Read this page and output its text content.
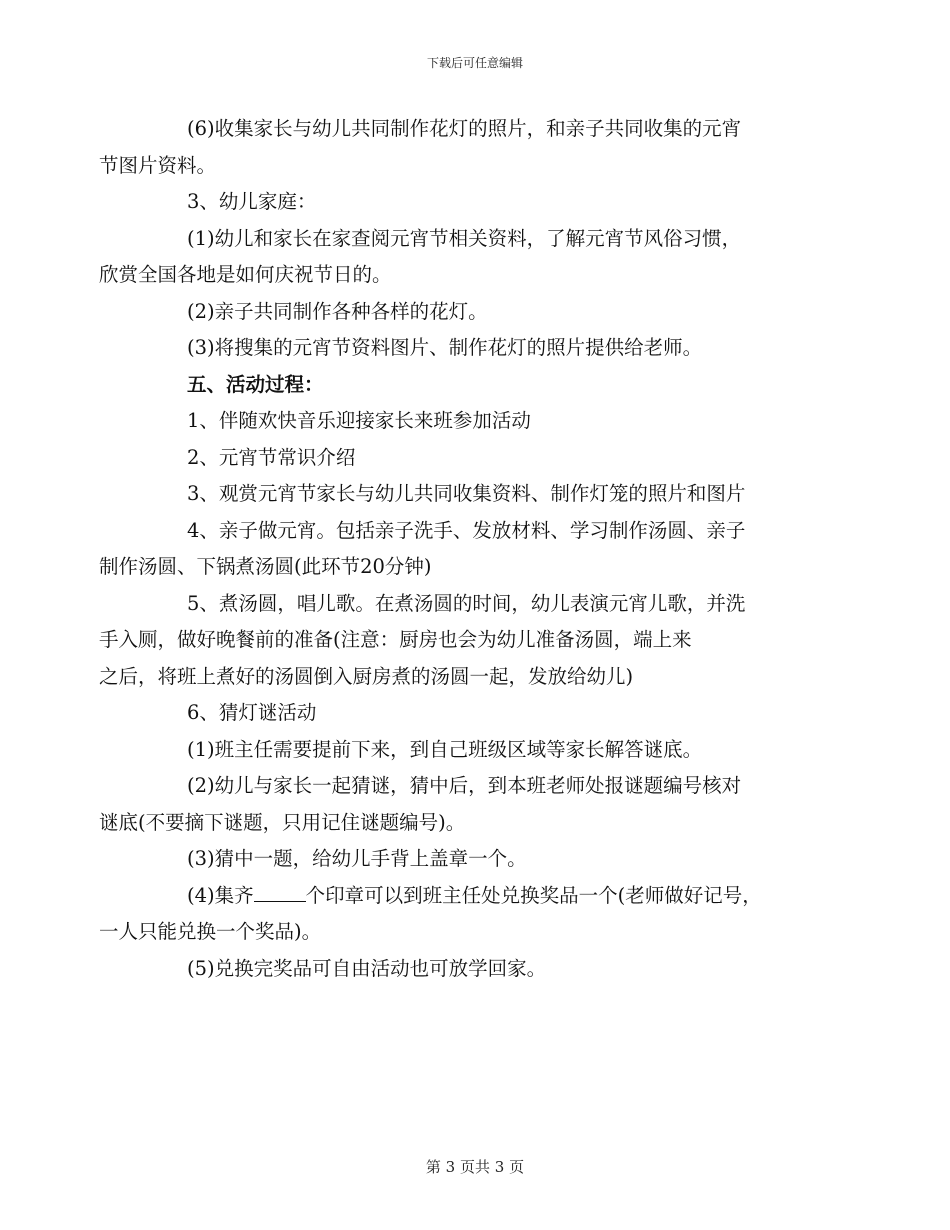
下载后可任意编辑
(6)收集家长与幼儿共同制作花灯的照片，和亲子共同收集的元宵
节图片资料。
3、幼儿家庭：
(1)幼儿和家长在家查阅元宵节相关资料，了解元宵节风俗习惯，
欣赏全国各地是如何庆祝节日的。
(2)亲子共同制作各种各样的花灯。
(3)将搜集的元宵节资料图片、制作花灯的照片提供给老师。
五、活动过程：
1、伴随欢快音乐迎接家长来班参加活动
2、元宵节常识介绍
3、观赏元宵节家长与幼儿共同收集资料、制作灯笼的照片和图片
4、亲子做元宵。包括亲子洗手、发放材料、学习制作汤圆、亲子
制作汤圆、下锅煮汤圆(此环节20分钟)
5、煮汤圆，唱儿歌。在煮汤圆的时间，幼儿表演元宵儿歌，并洗
手入厕，做好晚餐前的准备(注意：厨房也会为幼儿准备汤圆，端上来
之后，将班上煮好的汤圆倒入厨房煮的汤圆一起，发放给幼儿)
6、猜灯谜活动
(1)班主任需要提前下来，到自己班级区域等家长解答谜底。
(2)幼儿与家长一起猜谜，猜中后，到本班老师处报谜题编号核对
谜底(不要摘下谜题，只用记住谜题编号)。
(3)猜中一题，给幼儿手背上盖章一个。
(4)集齐	个印章可以到班主任处兑换奖品一个(老师做好记号，
一人只能兑换一个奖品)。
(5)兑换完奖品可自由活动也可放学回家。
第 3 页共 3 页
